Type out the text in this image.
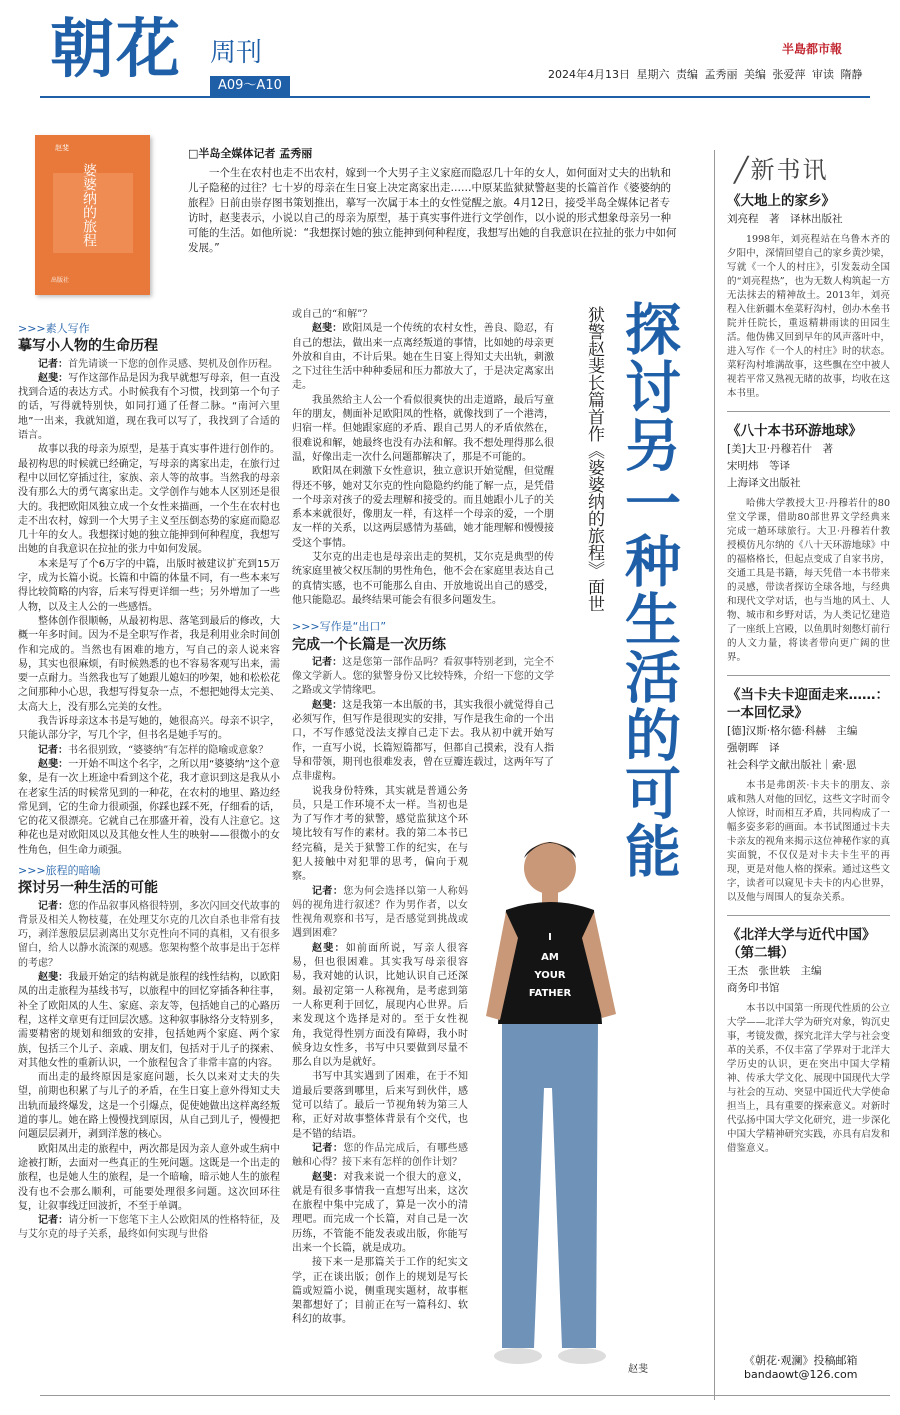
朝花 周刊
A09～A10
半島都市報
2024年4月13日 星期六 责编 孟秀丽 美编 张爱萍 审读 隋静
赵斐
婆婆纳的旅程
出版社
□半岛全媒体记者 孟秀丽
一个生在农村也走不出农村，嫁到一个大男子主义家庭而隐忍几十年的女人，如何面对丈夫的出轨和儿子隐秘的过往？七十岁的母亲在生日宴上决定离家出走……中原某监狱狱警赵斐的长篇首作《婆婆纳的旅程》日前由崇存图书策划推出，摹写一次属于本土的女性觉醒之旅。4月12日，接受半岛全媒体记者专访时，赵斐表示，小说以自己的母亲为原型，基于真实事件进行文学创作，以小说的形式想象母亲另一种可能的生活。如他所说：“我想探讨她的独立能抻到何种程度，我想写出她的自我意识在拉扯的张力中如何发展。”
>>>素人写作
摹写小人物的生命历程

记者：首先请谈一下您的创作灵感、契机及创作历程。

赵斐：写作这部作品是因为我早就想写母亲，但一直没找到合适的表达方式。小时候我有个习惯，找到第一个句子的话，写得就特别快，如同打通了任督二脉。“南河六里地”一出来，我就知道，现在我可以写了，我找到了合适的语言。

故事以我的母亲为原型，是基于真实事件进行创作的。最初构思的时候就已经确定，写母亲的离家出走，在旅行过程中以回忆穿插过往，家族、亲人等的故事。当然我的母亲没有那么大的勇气离家出走。文学创作与她本人区别还是很大的。我把欧阳凤独立成一个女性来描画，一个生在农村也走不出农村，嫁到一个大男子主义至压倒态势的家庭而隐忍几十年的女人。我想探讨她的独立能抻到何种程度，我想写出她的自我意识在拉扯的张力中如何发展。

本来是写了个6万字的中篇，出版时被建议扩充到15万字，成为长篇小说。长篇和中篇的体量不同，有一些本来写得比较简略的内容，后来写得更详细一些；另外增加了一些人物，以及主人公的一些感悟。

整体创作很顺畅，从最初构思、落笔到最后的修改，大概一年多时间。因为不是全职写作者，我是利用业余时间创作和完成的。当然也有困难的地方，写自己的亲人说来容易，其实也很麻烦，有时候熟悉的也不容易客观写出来，需要一点耐力。当然我也写了她跟儿媳妇的吵架，她和松松花之间那种小心思，我想写得复杂一点，不想把她得太完美、太高大上，没有那么完美的女性。

我告诉母亲这本书是写她的，她很高兴。母亲不识字，只能认部分字，写几个字，但书名是她手写的。

记者：书名很别致，“婆婆纳”有怎样的隐喻或意象？

赵斐：一开始不叫这个名字，之所以用“婆婆纳”这个意象，是有一次上班途中看到这个花，我才意识到这是我从小在老家生活的时候常见到的一种花，在农村的地里、路边经常见到，它的生命力很顽强，你踩也踩不死，仔细看的话，它的花又很漂亮。它就自己在那盛开着，没有人注意它。这种花也是对欧阳凤以及其他女性人生的映射——很微小的女性角色，但生命力顽强。

>>>旅程的暗喻
探讨另一种生活的可能

记者：您的作品叙事风格很特别，多次闪回交代故事的背景及相关人物枝蔓，在处理艾尔克的几次自杀也非常有技巧，剥洋葱般层层剥离出艾尔克性向不同的真相，又有很多留白，给人以静水流深的观感。您架构整个故事是出于怎样的考虑？

赵斐：我最开始定的结构就是旅程的线性结构，以欧阳凤的出走旅程为基线书写，以旅程中的回忆穿插各种往事，补全了欧阳凤的人生、家庭、亲友等，包括她自己的心路历程，这样文章更有迂回层次感。这种叙事脉络分支特别多，需要精密的规划和细致的安排，包括她两个家庭、两个家族，包括三个儿子、亲戚、朋友们，包括对于儿子的探索、对其他女性的重新认识，一个旅程包含了非常丰富的内容。

而出走的最终原因是家庭问题，长久以来对丈夫的失望，前期也积累了与儿子的矛盾，在生日宴上意外得知丈夫出轨而最终爆发，这是一个引爆点，促使她做出这样离经叛道的事儿。她在路上慢慢找到原因，从自己到儿子，慢慢把问题层层剥开，剥到洋葱的核心。

欧阳凤出走的旅程中，两次都是因为亲人意外或生病中途被打断，去面对一些真正的生死问题。这既是一个出走的旅程，也是她人生的旅程，是一个暗喻，暗示她人生的旅程没有也不会那么顺利，可能要处理很多问题。这次回环往复，让叙事线迂回波折，不至于单调。

记者：请分析一下您笔下主人公欧阳凤的性格特征，及与艾尔克的母子关系，最终如何实现与世俗

或自己的“和解”？

赵斐：欧阳凤是一个传统的农村女性，善良、隐忍，有自己的想法，做出来一点离经叛道的事情，比如她的母亲更外放和自由，不计后果。她在生日宴上得知丈夫出轨，刺激之下过往生活中种种委屈和压力都放大了，于是决定离家出走。

我虽然给主人公一个看似很爽快的出走道路，最后写童年的朋友，侧面补足欧阳凤的性格，就像找到了一个港湾，归宿一样。但她跟家庭的矛盾、跟自己男人的矛盾依然在，很难说和解，她最终也没有办法和解。我不想处理得那么很温，好像出走一次什么问题都解决了，那是不可能的。

欧阳凤在刺激下女性意识，独立意识开始觉醒，但觉醒得还不够，她对艾尔克的性向隐隐约约能了解一点，是凭借一个母亲对孩子的爱去理解和接受的。而且她跟小儿子的关系本来就很好，像朋友一样，有这样一个母亲的爱，一个朋友一样的关系，以这两层感情为基础，她才能理解和慢慢接受这个事情。

艾尔克的出走也是母亲出走的契机，艾尔克是典型的传统家庭里被父权压制的男性角色，他不会在家庭里表达自己的真情实感，也不可能那么自由、开放地说出自己的感受，他只能隐忍。最终结果可能会有很多问题发生。

>>>写作是“出口”
完成一个长篇是一次历练

记者：这是您第一部作品吗？看叙事特别老到，完全不像文学新人。您的狱警身份又比较特殊，介绍一下您的文学之路或文学情缘吧。

赵斐：这是我第一本出版的书，其实我很小就觉得自己必须写作，但写作是很现实的安排，写作是我生命的一个出口，不写作感觉没法支撑自己走下去。我从初中就开始写作，一直写小说，长篇短篇都写，但都自己摸索，没有人指导和带领，期刊也很难发表，曾在豆瓣连载过，这两年写了点非虚构。

说我身份特殊，其实就是普通公务员，只是工作环境不太一样。当初也是为了写作才考的狱警，感觉监狱这个环境比较有写作的素材。我的第二本书已经完稿，是关于狱警工作的纪实，在与犯人接触中对犯罪的思考，偏向于观察。

记者：您为何会选择以第一人称妈妈的视角进行叙述？作为男作者，以女性视角观察和书写，是否感觉到挑战或遇到困难？

赵斐：如前面所说，写亲人很容易，但也很困难。其实我写母亲很容易，我对她的认识，比她认识自己还深刻。最初定第一人称视角，是考虑到第一人称更利于回忆，展现内心世界。后来发现这个选择是对的。至于女性视角，我觉得性别方面没有障碍，我小时候身边女性多，书写中只要做到尽量不那么自以为是就好。

书写中其实遇到了困难，在于不知道最后要落到哪里，后来写到伙伴，感觉可以结了。最后一节视角转为第三人称，正好对故事整体背景有个交代，也是不错的结语。

记者：您的作品完成后，有哪些感触和心得？接下来有怎样的创作计划？

赵斐：对我来说一个很大的意义，就是有很多事情我一直想写出来，这次在旅程中集中完成了，算是一次小的清理吧。而完成一个长篇，对自己是一次历练，不管能不能发表或出版，你能写出来一个长篇，就是成功。

接下来一是那篇关于工作的纪实文学，正在谈出版；创作上的规划是写长篇或短篇小说，侧重现实题材，故事框架都想好了；目前正在写一篇科幻、软科幻的故事。

狱警赵斐长篇首作《婆婆纳的旅程》面世 探讨另一种生活的可能
I
AM
YOUR
FATHER
赵斐
╱新书讯
《大地上的家乡》
刘亮程　著　译林出版社
1998年，刘亮程站在乌鲁木齐的夕阳中，深情回望自己的家乡黄沙梁，写就《一个人的村庄》，引发轰动全国的“刘亮程热”，也为无数人构筑起一方无法抹去的精神故土。2013年，刘亮程入住新疆木垒菜籽沟村，创办木垒书院并任院长，重返精耕雨读的田园生活。他伪佛又回到早年的风声落叶中，进入写作《一个人的村庄》时的状态。菜籽沟村堆满故事，这些飘在空中被人视若平常又熟视无睹的故事，均收在这本书里。
《八十本书环游地球》
[美]大卫·丹穆若什　著
宋明炜　等译
上海译文出版社
哈佛大学教授大卫·丹穆若什的80堂文学课，借助80部世界文学经典来完成一趟环球旅行。大卫·丹穆若什教授模仿凡尔纳的《八十天环游地球》中的福格格长，但起点变成了自家书房，交通工具是书籍，每天凭借一本书带来的灵感，带读者探访全球各地，与经典和现代文学对话，也与当地的风土、人物、城市和乡野对话，为人类记忆建造了一座纸上宫殿，以鱼肌时刻憋灯前行的人文力量，将读者带向更广阔的世界。
《当卡夫卡迎面走来……：一本回忆录》
[德]汉斯·格尔德·科赫　主编
强朝晖　译
社会科学文献出版社｜索·恩
本书是弗朗茨·卡夫卡的朋友、亲戚和熟人对他的回忆，这些文字时而令人惊讶，时而相互矛盾，共同构成了一幅多姿多彩的画面。本书试图通过卡夫卡亲友的视角来揭示这位神秘作家的真实面貌，不仅仅是对卡夫卡生平的再现，更是对他人格的探索。通过这些文字，读者可以窥见卡夫卡的内心世界，以及他与周围人的复杂关系。
《北洋大学与近代中国》（第二辑）
王杰　张世轶　主编
商务印书馆
本书以中国第一所现代性质的公立大学——北洋大学为研究对象，钩沉史事，考镜发微，探究北洋大学与社会变革的关系，不仅丰富了学界对于北洋大学历史的认识，更在突出中国大学精神、传承大学文化、展现中国现代大学与社会的互动、突显中国近代大学使命担当上，具有重要的探索意义。对新时代弘扬中国大学文化研究，进一步深化中国大学精神研究实践，亦具有启发和借鉴意义。
《朝花·观澜》投稿邮箱
bandaowt@126.com
